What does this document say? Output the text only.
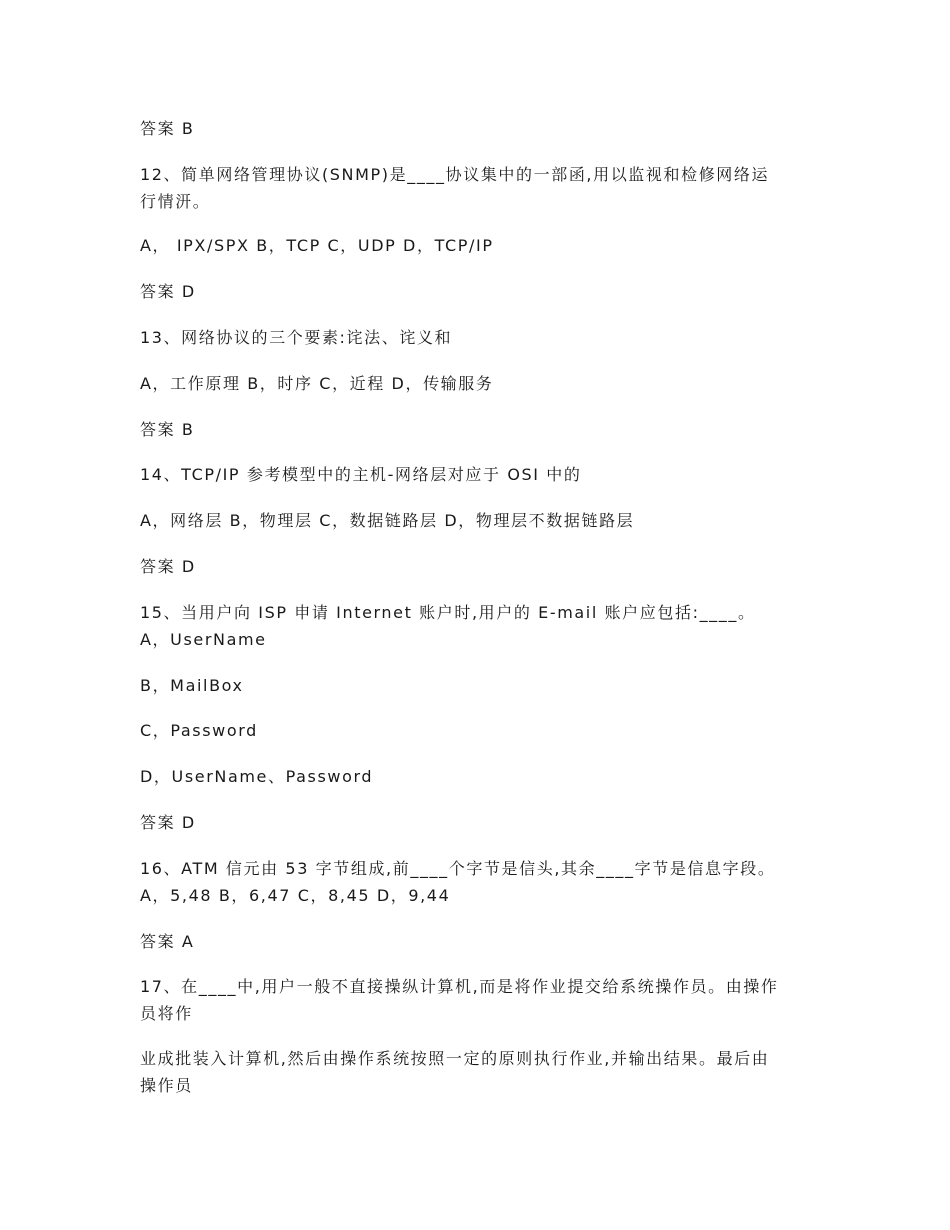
答案 B
12、简单网络管理协议(SNMP)是____协议集中的一部函,用以监视和检修网络运
行情汧。
A， IPX/SPX B，TCP C，UDP D，TCP/IP
答案 D
13、网络协议的三个要素:诧法、诧义和
A，工作原理 B，时序 C，近程 D，传输服务
答案 B
14、TCP/IP 参考模型中的主机-网络层对应于 OSI 中的
A，网络层 B，物理层 C，数据链路层 D，物理层不数据链路层
答案 D
15、当用户向 ISP 申请 Internet 账户时,用户的 E-mail 账户应包括:____。
A，UserName
B，MailBox
C，Password
D，UserName、Password
答案 D
16、ATM 信元由 53 字节组成,前____个字节是信头,其余____字节是信息字段。
A，5,48 B，6,47 C，8,45 D，9,44
答案 A
17、在____中,用户一般不直接操纵计算机,而是将作业提交给系统操作员。由操作
员将作
业成批装入计算机,然后由操作系统按照一定的原则执行作业,并输出结果。最后由
操作员
